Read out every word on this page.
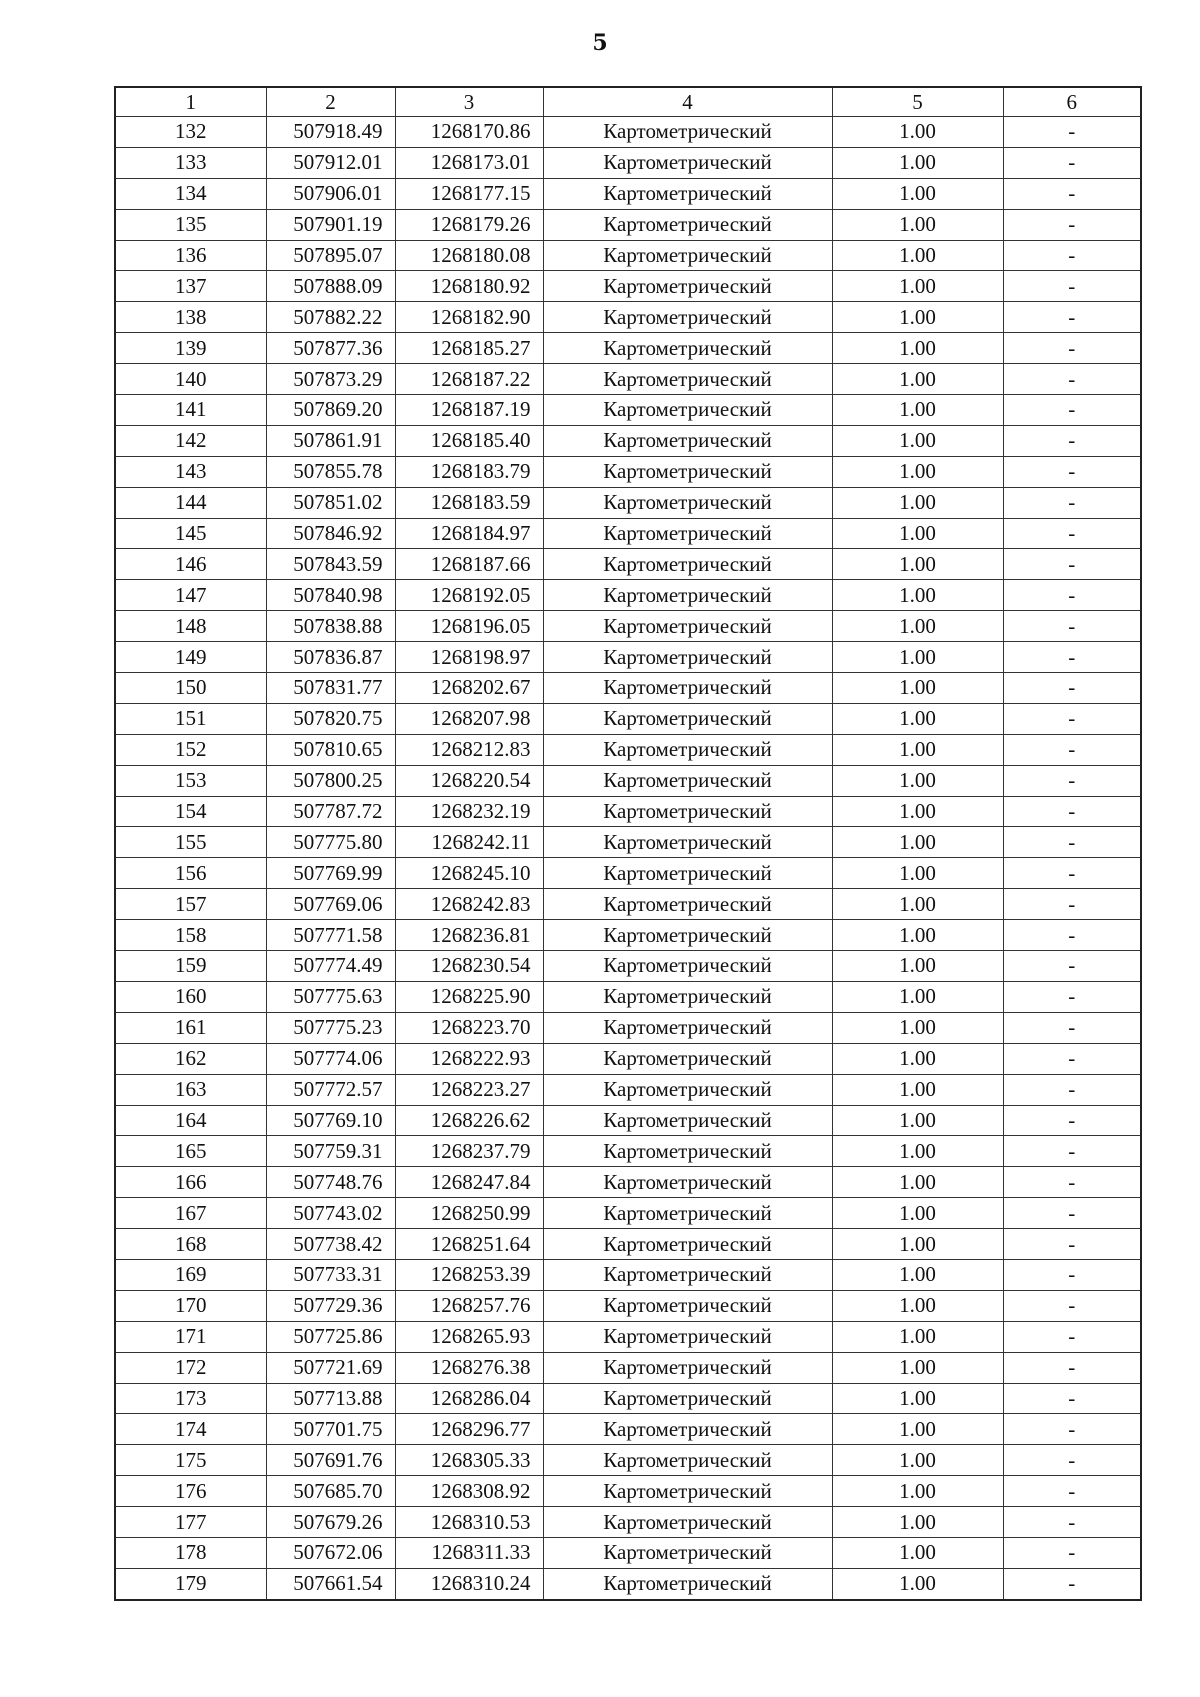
5
1	2	3	4	5	6
132	507918.49	1268170.86	Картометрический	1.00	-
133	507912.01	1268173.01	Картометрический	1.00	-
134	507906.01	1268177.15	Картометрический	1.00	-
135	507901.19	1268179.26	Картометрический	1.00	-
136	507895.07	1268180.08	Картометрический	1.00	-
137	507888.09	1268180.92	Картометрический	1.00	-
138	507882.22	1268182.90	Картометрический	1.00	-
139	507877.36	1268185.27	Картометрический	1.00	-
140	507873.29	1268187.22	Картометрический	1.00	-
141	507869.20	1268187.19	Картометрический	1.00	-
142	507861.91	1268185.40	Картометрический	1.00	-
143	507855.78	1268183.79	Картометрический	1.00	-
144	507851.02	1268183.59	Картометрический	1.00	-
145	507846.92	1268184.97	Картометрический	1.00	-
146	507843.59	1268187.66	Картометрический	1.00	-
147	507840.98	1268192.05	Картометрический	1.00	-
148	507838.88	1268196.05	Картометрический	1.00	-
149	507836.87	1268198.97	Картометрический	1.00	-
150	507831.77	1268202.67	Картометрический	1.00	-
151	507820.75	1268207.98	Картометрический	1.00	-
152	507810.65	1268212.83	Картометрический	1.00	-
153	507800.25	1268220.54	Картометрический	1.00	-
154	507787.72	1268232.19	Картометрический	1.00	-
155	507775.80	1268242.11	Картометрический	1.00	-
156	507769.99	1268245.10	Картометрический	1.00	-
157	507769.06	1268242.83	Картометрический	1.00	-
158	507771.58	1268236.81	Картометрический	1.00	-
159	507774.49	1268230.54	Картометрический	1.00	-
160	507775.63	1268225.90	Картометрический	1.00	-
161	507775.23	1268223.70	Картометрический	1.00	-
162	507774.06	1268222.93	Картометрический	1.00	-
163	507772.57	1268223.27	Картометрический	1.00	-
164	507769.10	1268226.62	Картометрический	1.00	-
165	507759.31	1268237.79	Картометрический	1.00	-
166	507748.76	1268247.84	Картометрический	1.00	-
167	507743.02	1268250.99	Картометрический	1.00	-
168	507738.42	1268251.64	Картометрический	1.00	-
169	507733.31	1268253.39	Картометрический	1.00	-
170	507729.36	1268257.76	Картометрический	1.00	-
171	507725.86	1268265.93	Картометрический	1.00	-
172	507721.69	1268276.38	Картометрический	1.00	-
173	507713.88	1268286.04	Картометрический	1.00	-
174	507701.75	1268296.77	Картометрический	1.00	-
175	507691.76	1268305.33	Картометрический	1.00	-
176	507685.70	1268308.92	Картометрический	1.00	-
177	507679.26	1268310.53	Картометрический	1.00	-
178	507672.06	1268311.33	Картометрический	1.00	-
179	507661.54	1268310.24	Картометрический	1.00	-
